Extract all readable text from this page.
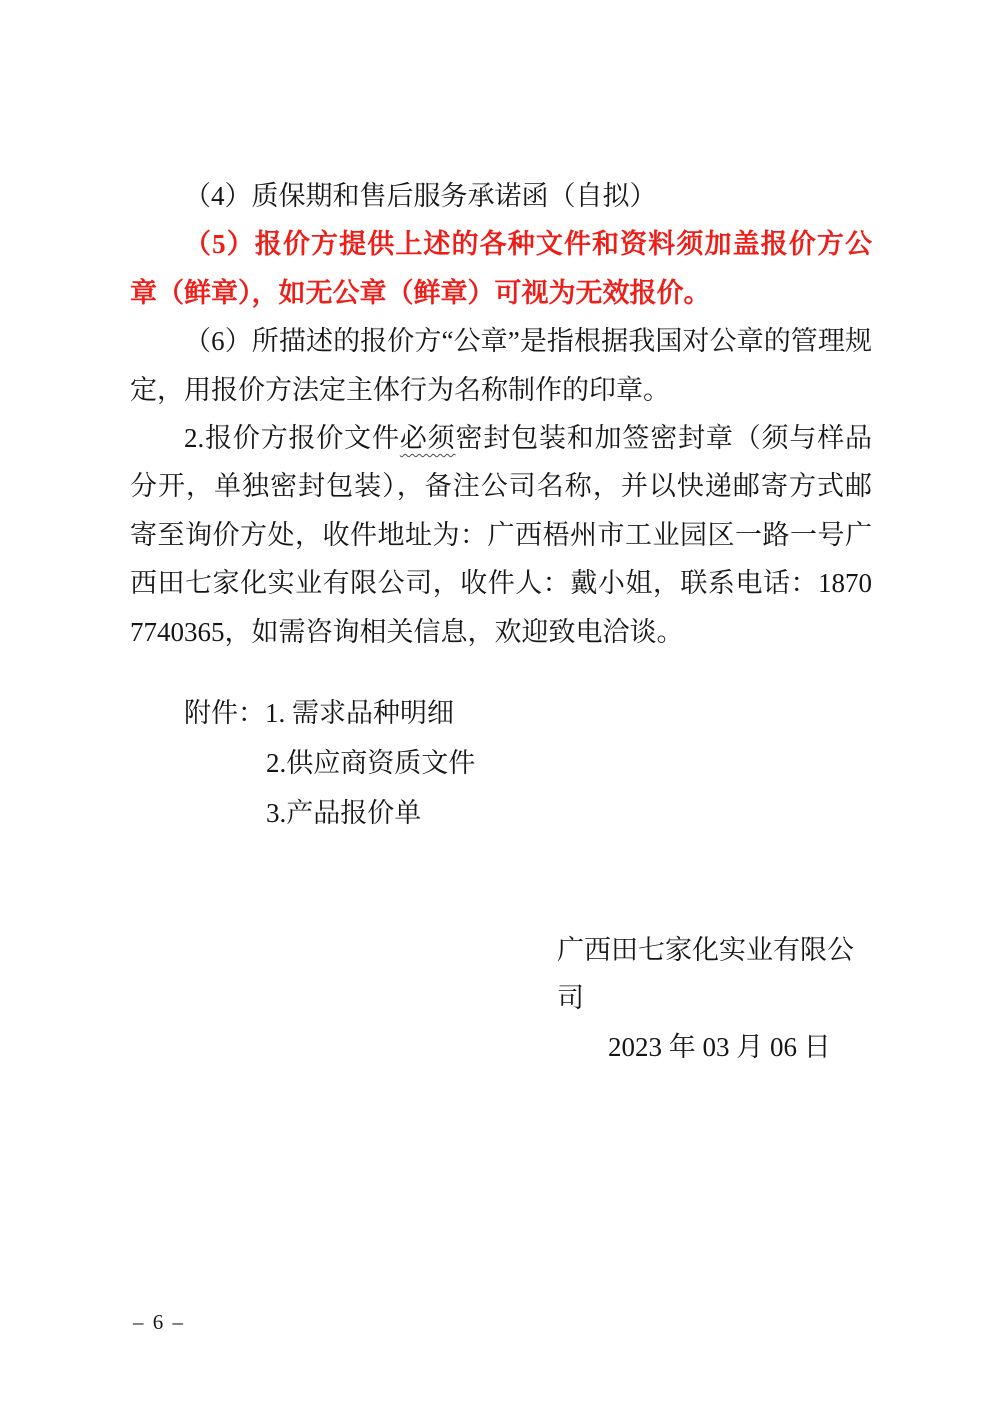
（4）质保期和售后服务承诺函（自拟）

（5）报价方提供上述的各种文件和资料须加盖报价方公章（鲜章），如无公章（鲜章）可视为无效报价。

（6）所描述的报价方“公章”是指根据我国对公章的管理规定，用报价方法定主体行为名称制作的印章。

2.报价方报价文件必须密封包装和加签密封章（须与样品分开，单独密封包装），备注公司名称，并以快递邮寄方式邮寄至询价方处，收件地址为：广西梧州市工业园区一路一号广西田七家化实业有限公司，收件人：戴小姐，联系电话：18707740365，如需咨询相关信息，欢迎致电洽谈。

附件：1. 需求品种明细
2.供应商资质文件
3.产品报价单
广西田七家化实业有限公司
2023 年 03 月 06 日
– 6 –
